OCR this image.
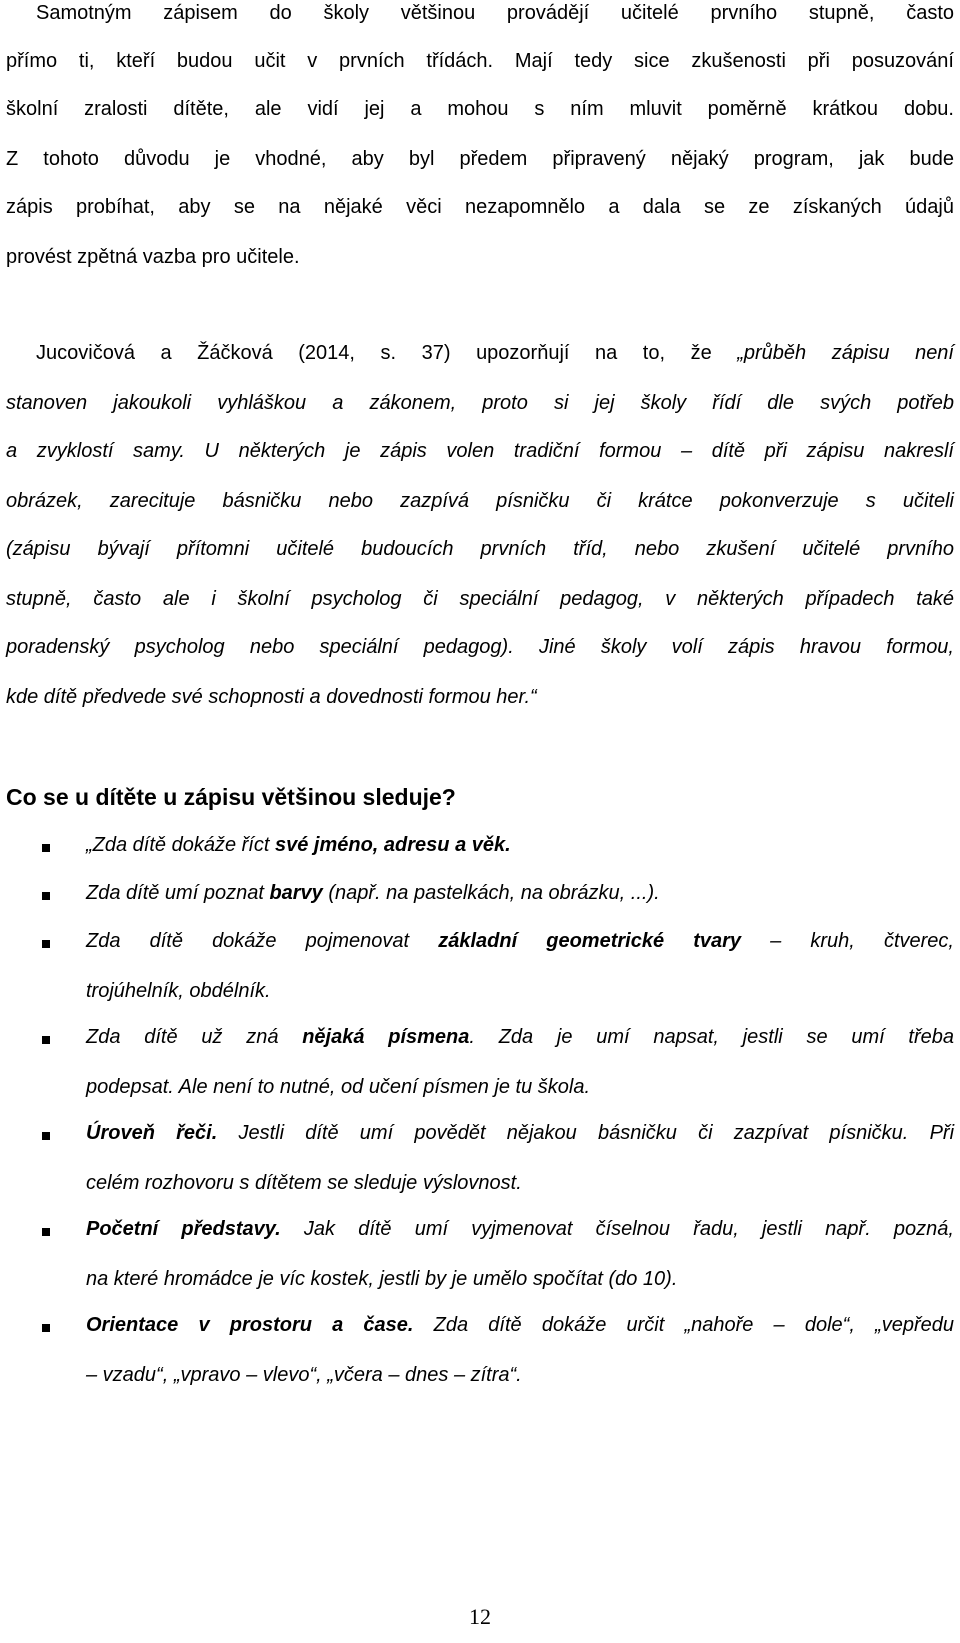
Samotným zápisem do školy většinou provádějí učitelé prvního stupně, často
přímo ti, kteří budou učit v prvních třídách. Mají tedy sice zkušenosti při posuzování
školní zralosti dítěte, ale vidí jej a mohou s ním mluvit poměrně krátkou dobu.
Z tohoto důvodu je vhodné, aby byl předem připravený nějaký program, jak bude
zápis probíhat, aby se na nějaké věci nezapomnělo a dala se ze získaných údajů
provést zpětná vazba pro učitele.
Jucovičová a Žáčková (2014, s. 37) upozorňují na to, že „průběh zápisu není
stanoven jakoukoli vyhláškou a zákonem, proto si jej školy řídí dle svých potřeb
a zvyklostí samy. U některých je zápis volen tradiční formou – dítě při zápisu nakreslí
obrázek, zarecituje básničku nebo zazpívá písničku či krátce pokonverzuje s učiteli
(zápisu bývají přítomni učitelé budoucích prvních tříd, nebo zkušení učitelé prvního
stupně, často ale i školní psycholog či speciální pedagog, v některých případech také
poradenský psycholog nebo speciální pedagog). Jiné školy volí zápis hravou formou,
kde dítě předvede své schopnosti a dovednosti formou her.“
Co se u dítěte u zápisu většinou sleduje?
„Zda dítě dokáže říct své jméno, adresu a věk.
Zda dítě umí poznat barvy (např. na pastelkách, na obrázku, ...).
Zda dítě dokáže pojmenovat základní geometrické tvary – kruh, čtverec,
trojúhelník, obdélník.
Zda dítě už zná nějaká písmena. Zda je umí napsat, jestli se umí třeba
podepsat. Ale není to nutné, od učení písmen je tu škola.
Úroveň řeči. Jestli dítě umí povědět nějakou básničku či zazpívat písničku. Při
celém rozhovoru s dítětem se sleduje výslovnost.
Početní představy. Jak dítě umí vyjmenovat číselnou řadu, jestli např. pozná,
na které hromádce je víc kostek, jestli by je umělo spočítat (do 10).
Orientace v prostoru a čase. Zda dítě dokáže určit „nahoře – dole“, „vepředu
– vzadu“, „vpravo – vlevo“, „včera – dnes – zítra“.
12
